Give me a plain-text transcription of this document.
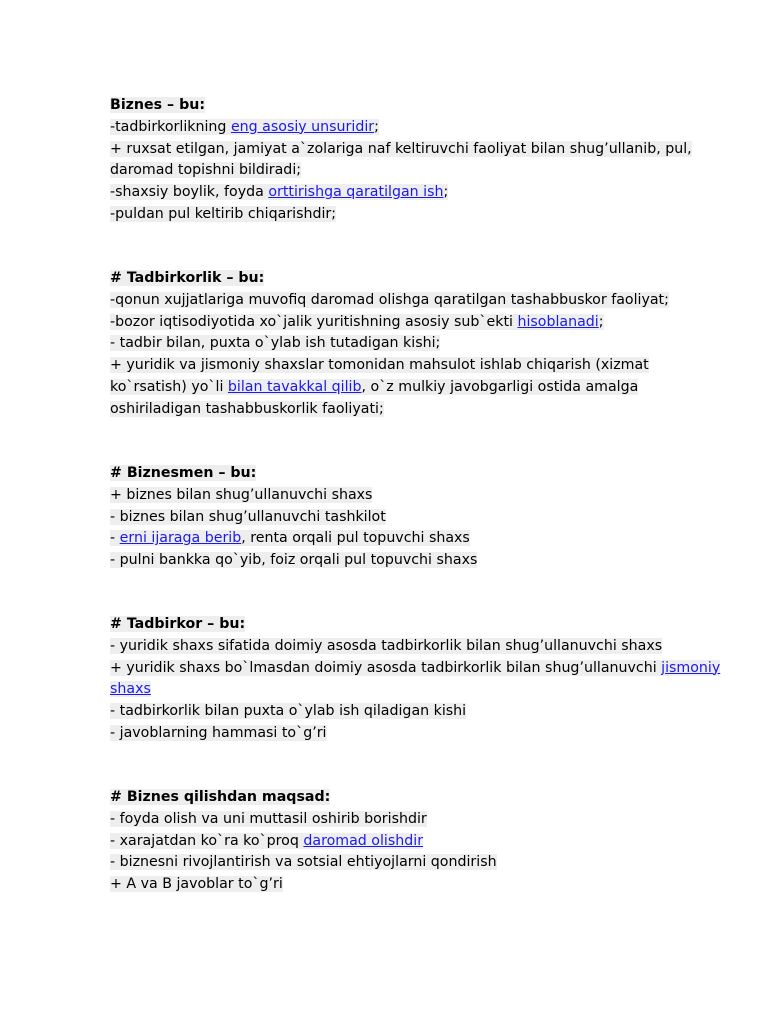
Biznes – bu:
-tadbirkorlikning eng asosiy unsuridir;
+ ruxsat etilgan, jamiyat a`zolariga naf keltiruvchi faoliyat bilan shug’ullanib, pul,
daromad topishni bildiradi;
-shaxsiy boylik, foyda orttirishga qaratilgan ish;
-puldan pul keltirib chiqarishdir;
# Tadbirkorlik – bu:
-qonun xujjatlariga muvofiq daromad olishga qaratilgan tashabbuskor faoliyat;
-bozor iqtisodiyotida xo`jalik yuritishning asosiy sub`ekti hisoblanadi;
- tadbir bilan, puxta o`ylab ish tutadigan kishi;
+ yuridik va jismoniy shaxslar tomonidan mahsulot ishlab chiqarish (xizmat
ko`rsatish) yo`li bilan tavakkal qilib, o`z mulkiy javobgarligi ostida amalga
oshiriladigan tashabbuskorlik faoliyati;
# Biznesmen – bu:
+ biznes bilan shug’ullanuvchi shaxs
- biznes bilan shug’ullanuvchi tashkilot
- erni ijaraga berib, renta orqali pul topuvchi shaxs
- pulni bankka qo`yib, foiz orqali pul topuvchi shaxs
# Tadbirkor – bu:
- yuridik shaxs sifatida doimiy asosda tadbirkorlik bilan shug’ullanuvchi shaxs
+ yuridik shaxs bo`lmasdan doimiy asosda tadbirkorlik bilan shug’ullanuvchi jismoniy
shaxs
- tadbirkorlik bilan puxta o`ylab ish qiladigan kishi
- javoblarning hammasi to`g’ri
# Biznes qilishdan maqsad:
- foyda olish va uni muttasil oshirib borishdir
- xarajatdan ko`ra ko`proq daromad olishdir
- biznesni rivojlantirish va sotsial ehtiyojlarni qondirish
+ A va B javoblar to`g’ri
